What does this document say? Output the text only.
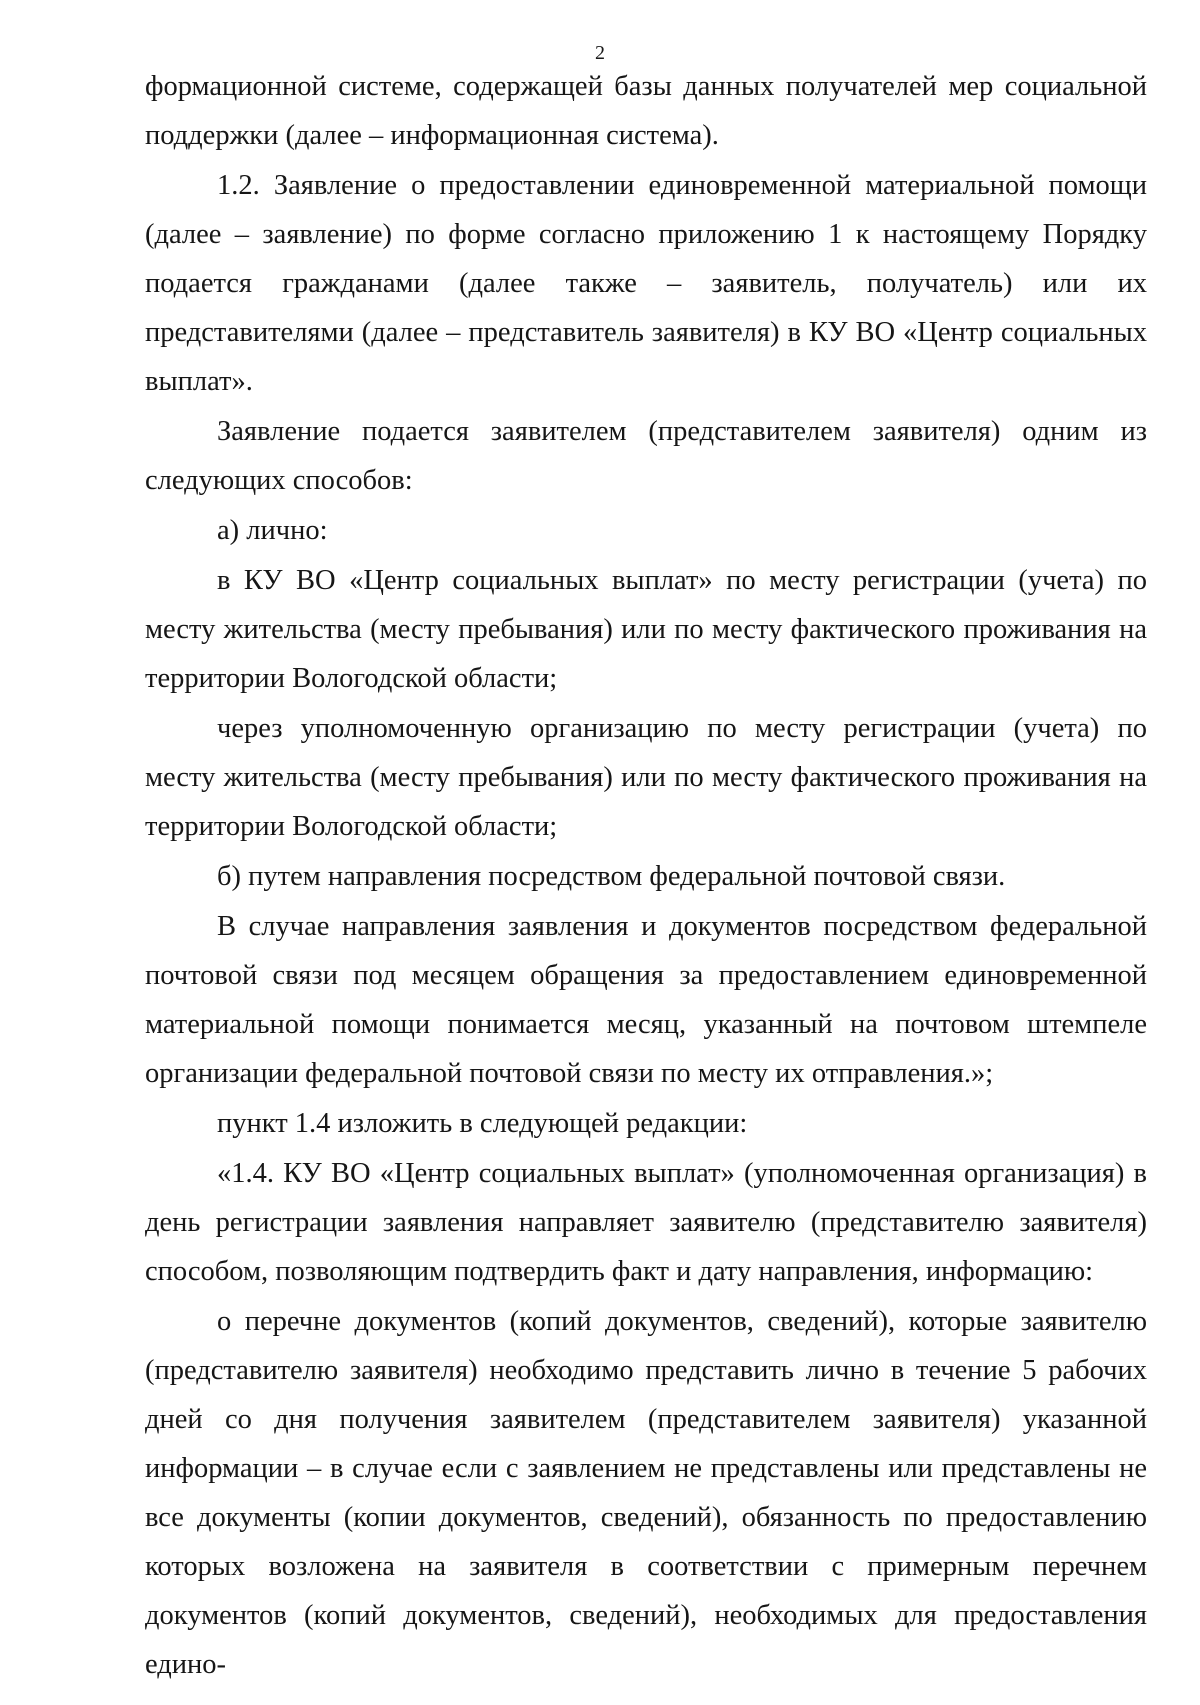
2

формационной системе, содержащей базы данных получателей мер социальной поддержки (далее – информационная система).

1.2. Заявление о предоставлении единовременной материальной помощи (далее – заявление) по форме согласно приложению 1 к настоящему Порядку подается гражданами (далее также – заявитель, получатель) или их представителями (далее – представитель заявителя) в КУ ВО «Центр социальных выплат».

Заявление подается заявителем (представителем заявителя) одним из следующих способов:

а) лично:

в КУ ВО «Центр социальных выплат» по месту регистрации (учета) по месту жительства (месту пребывания) или по месту фактического проживания на территории Вологодской области;

через уполномоченную организацию по месту регистрации (учета) по месту жительства (месту пребывания) или по месту фактического проживания на территории Вологодской области;

б) путем направления посредством федеральной почтовой связи.

В случае направления заявления и документов посредством федеральной почтовой связи под месяцем обращения за предоставлением единовременной материальной помощи понимается месяц, указанный на почтовом штемпеле организации федеральной почтовой связи по месту их отправления.»;

пункт 1.4 изложить в следующей редакции:

«1.4. КУ ВО «Центр социальных выплат» (уполномоченная организация) в день регистрации заявления направляет заявителю (представителю заявителя) способом, позволяющим подтвердить факт и дату направления, информацию:

о перечне документов (копий документов, сведений), которые заявителю (представителю заявителя) необходимо представить лично в течение 5 рабочих дней со дня получения заявителем (представителем заявителя) указанной информации – в случае если с заявлением не представлены или представлены не все документы (копии документов, сведений), обязанность по предоставлению которых возложена на заявителя в соответствии с примерным перечнем документов (копий документов, сведений), необходимых для предоставления едино-
